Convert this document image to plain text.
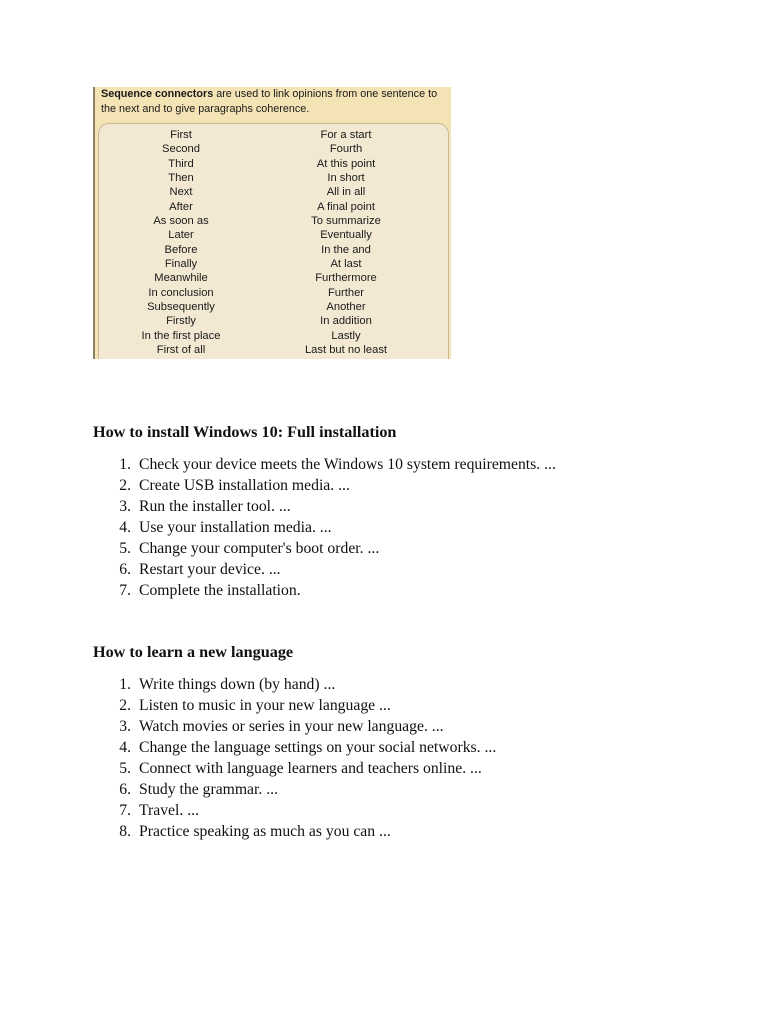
Sequence connectors are used to link opinions from one sentence to the next and to give paragraphs coherence.
First
Second
Third
Then
Next
After
As soon as
Later
Before
Finally
Meanwhile
In conclusion
Subsequently
Firstly
In the first place
First of all
For a start
Fourth
At this point
In short
All in all
A final point
To summarize
Eventually
In the and
At last
Furthermore
Further
Another
In addition
Lastly
Last but no least
How to install Windows 10: Full installation
1. Check your device meets the Windows 10 system requirements. ...
2. Create USB installation media. ...
3. Run the installer tool. ...
4. Use your installation media. ...
5. Change your computer's boot order. ...
6. Restart your device. ...
7. Complete the installation.
How to learn a new language
1. Write things down (by hand) ...
2. Listen to music in your new language ...
3. Watch movies or series in your new language. ...
4. Change the language settings on your social networks. ...
5. Connect with language learners and teachers online. ...
6. Study the grammar. ...
7. Travel. ...
8. Practice speaking as much as you can ...
